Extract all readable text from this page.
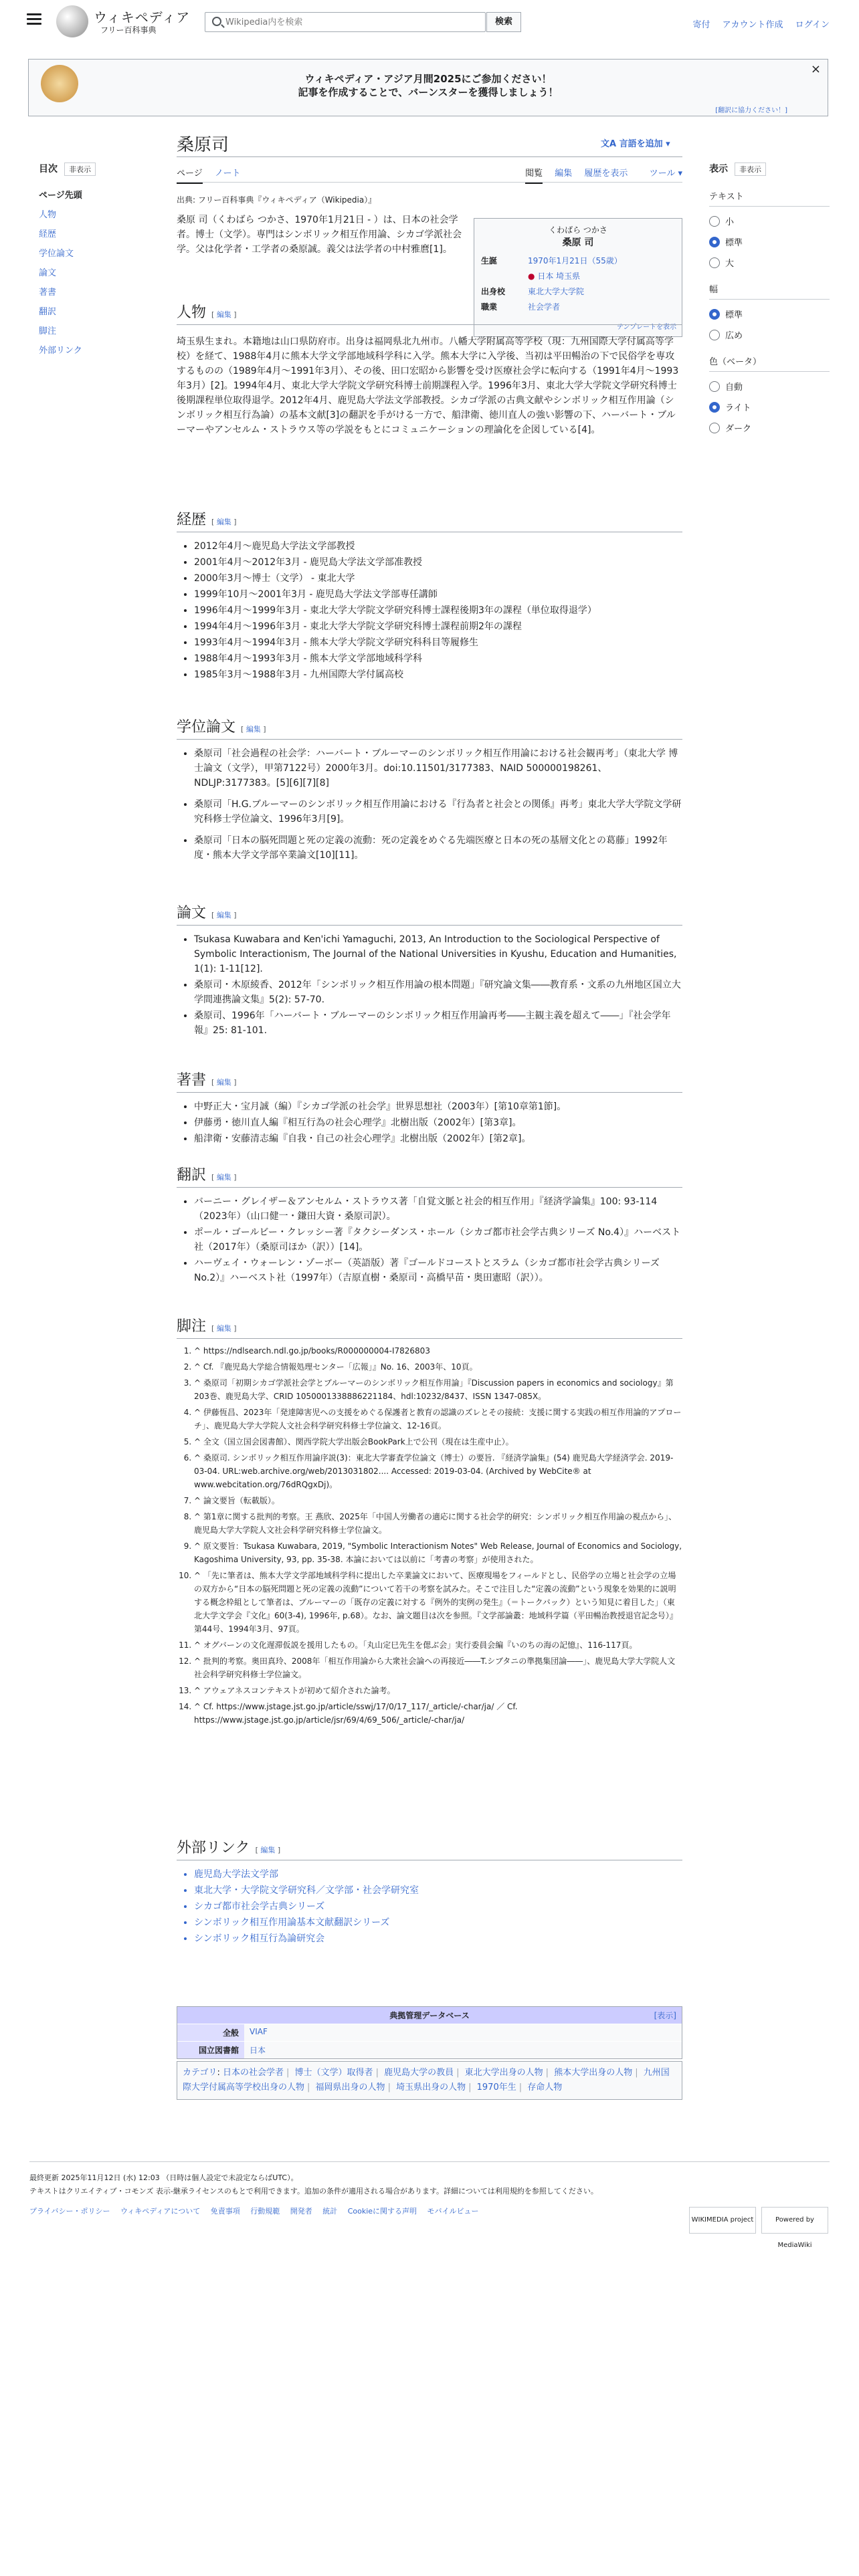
ウィキペディア
フリー百科事典
Wikipedia内を検索
検索	寄付 アカウント作成 ログイン
ウィキペディア・アジア月間2025にご参加ください！
記事を作成することで、バーンスターを獲得しましょう！
×
[翻訳に協力ください！]
目次 非表示
ページ先頭
人物
経歴
学位論文
論文
著書
翻訳
脚注
外部リンク
桑原司	文A 言語を追加 ▾
ページ ノート	閲覧 編集 履歴を表示 ツール ▾
出典: フリー百科事典『ウィキペディア（Wikipedia）』
表示 非表示
テキスト
小
標準
大
幅
標準
広め
色（ベータ）
自動
ライト
ダーク
くわばら つかさ
桑原 司
生誕	1970年1月21日（55歳）
	● 日本 埼玉県
出身校	東北大学大学院
職業	社会学者
テンプレートを表示
桑原 司（くわばら つかさ、1970年1月21日 - ）は、日本の社会学者。博士（文学）。専門はシンボリック相互作用論、シカゴ学派社会学。父は化学者・工学者の桑原誠。義父は法学者の中村雅麿[1]。
人物 [ 編集 ]
埼玉県生まれ。本籍地は山口県防府市。出身は福岡県北九州市。八幡大学附属高等学校（現：九州国際大学付属高等学校）を経て、1988年4月に熊本大学文学部地域科学科に入学。熊本大学に入学後、当初は平田暢治の下で民俗学を専攻するものの（1989年4月〜1991年3月）、その後、田口宏昭から影響を受け医療社会学に転向する（1991年4月〜1993年3月）[2]。1994年4月、東北大学大学院文学研究科博士前期課程入学。1996年3月、東北大学大学院文学研究科博士後期課程単位取得退学。2012年4月、鹿児島大学法文学部教授。シカゴ学派の古典文献やシンボリック相互作用論（シンボリック相互行為論）の基本文献[3]の翻訳を手がける一方で、船津衛、徳川直人の強い影響の下、ハーバート・ブルーマーやアンセルム・ストラウス等の学説をもとにコミュニケーションの理論化を企図している[4]。
経歴 [ 編集 ]
• 2012年4月〜鹿児島大学法文学部教授
• 2001年4月〜2012年3月 - 鹿児島大学法文学部准教授
• 2000年3月〜博士（文学） - 東北大学
• 1999年10月〜2001年3月 - 鹿児島大学法文学部専任講師
• 1996年4月〜1999年3月 - 東北大学大学院文学研究科博士課程後期3年の課程（単位取得退学）
• 1994年4月〜1996年3月 - 東北大学大学院文学研究科博士課程前期2年の課程
• 1993年4月〜1994年3月 - 熊本大学大学院文学研究科科目等履修生
• 1988年4月〜1993年3月 - 熊本大学文学部地域科学科
• 1985年3月〜1988年3月 - 九州国際大学付属高校
学位論文 [ 編集 ]
• 桑原司「社会過程の社会学：ハーバート・ブルーマーのシンボリック相互作用論における社会観再考」（東北大学 博士論文（文学），甲第7122号）2000年3月。doi:10.11501/3177383、NAID 500000198261、NDLJP:3177383。[5][6][7][8]
• 桑原司「H.G.ブルーマーのシンボリック相互作用論における『行為者と社会との関係』再考」東北大学大学院文学研究科修士学位論文、1996年3月[9]。
• 桑原司「日本の脳死問題と死の定義の流動：死の定義をめぐる先端医療と日本の死の基層文化との葛藤」1992年度・熊本大学文学部卒業論文[10][11]。
論文 [ 編集 ]
• Tsukasa Kuwabara and Ken'ichi Yamaguchi, 2013, An Introduction to the Sociological Perspective of Symbolic Interactionism, The Journal of the National Universities in Kyushu, Education and Humanities, 1(1): 1-11[12].
• 桑原司・木原綾香、2012年「シンボリック相互作用論の根本問題」『研究論文集――教育系・文系の九州地区国立大学間連携論文集』5(2): 57-70.
• 桑原司、1996年「ハーバート・ブルーマーのシンボリック相互作用論再考――主観主義を超えて――」『社会学年報』25: 81-101.
著書 [ 編集 ]
• 中野正大・宝月誠（編）『シカゴ学派の社会学』世界思想社（2003年）[第10章第1節]。
• 伊藤勇・徳川直人編『相互行為の社会心理学』北樹出版（2002年）[第3章]。
• 船津衛・安藤清志編『自我・自己の社会心理学』北樹出版（2002年）[第2章]。
翻訳 [ 編集 ]
• バーニー・グレイザー＆アンセルム・ストラウス著「自覚文脈と社会的相互作用」『経済学論集』100: 93-114（2023年）（山口健一・鎌田大資・桑原司訳）。
• ポール・ゴールビー・クレッシー著『タクシーダンス・ホール（シカゴ都市社会学古典シリーズ No.4）』ハーベスト社（2017年）（桑原司ほか（訳））[14]。
• ハーヴェイ・ウォーレン・ゾーボー（英語版）著『ゴールドコーストとスラム（シカゴ都市社会学古典シリーズ No.2）』ハーベスト社（1997年）（吉原直樹・桑原司・高橋早苗・奥田憲昭（訳））。
脚注 [ 編集 ]
1. ^ https://ndlsearch.ndl.go.jp/books/R000000004-I7826803
2. ^ Cf. 『鹿児島大学総合情報処理センター「広報」』No. 16、2003年、10頁。
3. ^ 桑原司「初期シカゴ学派社会学とブルーマーのシンボリック相互作用論」『Discussion papers in economics and sociology』第203巻、鹿児島大学、CRID 1050001338886221184、hdl:10232/8437、ISSN 1347-085X。
4. ^ 伊藤恆昌、2023年「発達障害児への支援をめぐる保護者と教育の認識のズレとその接続：支援に関する実践の相互作用論的アプローチ」、鹿児島大学大学院人文社会科学研究科修士学位論文、12-16頁。
5. ^ 全文（国立国会図書館）、関西学院大学出版会BookPark上で公刊（現在は生産中止）。
6. ^ 桑原司. シンボリック相互作用論序説(3)：東北大学審査学位論文（博士）の要旨. 『経済学論集』(54) 鹿児島大学経済学会. 2019-03-04. URL:web.archive.org/web/2013031802.... Accessed: 2019-03-04. (Archived by WebCite® at www.webcitation.org/76dRQgxDj)。
7. ^ 論文要旨（転載版）。
8. ^ 第1章に関する批判的考察。王 燕欣、2025年「中国人労働者の適応に関する社会学的研究：シンボリック相互作用論の視点から」、鹿児島大学大学院人文社会科学研究科修士学位論文。
9. ^ 原文要旨：Tsukasa Kuwabara, 2019, "Symbolic Interactionism Notes" Web Release, Journal of Economics and Sociology, Kagoshima University, 93, pp. 35-38. 本論においては以前に「考書の考察」が使用された。
10. ^ 「先に筆者は、熊本大学文学部地域科学科に提出した卒業論文において、医療現場をフィールドとし、民俗学の立場と社会学の立場の双方から“日本の脳死問題と死の定義の流動”について若干の考察を試みた。そこで注目した“定義の流動”という現象を効果的に説明する概念枠組として筆者は、ブルーマーの「既存の定義に対する『例外的実例の発生』（＝トークバック）という知見に着目した」（東北大学文学会『文化』60(3-4), 1996年, p.68）。なお、論文題目は次を参照。『文学部論叢：地域科学篇（平田暢治教授退官記念号）』第44号、1994年3月、97頁。
11. ^ オグバーンの文化遅滞仮説を援用したもの。「丸山定巳先生を偲ぶ会」実行委員会編『いのちの海の記憶』、116-117頁。
12. ^ 批判的考察。奥田真玲、2008年「相互作用論から大衆社会論への再接近――T.シブタニの準拠集団論――」、鹿児島大学大学院人文社会科学研究科修士学位論文。
13. ^ アウェアネスコンテキストが初めて紹介された論考。
14. ^ Cf. https://www.jstage.jst.go.jp/article/sswj/17/0/17_117/_article/-char/ja/ ／ Cf. https://www.jstage.jst.go.jp/article/jsr/69/4/69_506/_article/-char/ja/
外部リンク [ 編集 ]
• 鹿児島大学法文学部
• 東北大学・大学院文学研究科／文学部・社会学研究室
• シカゴ都市社会学古典シリーズ
• シンボリック相互作用論基本文献翻訳シリーズ
• シンボリック相互行為論研究会
典拠管理データベース	[表示]
全般	VIAF
国立図書館	日本
カテゴリ: 日本の社会学者 | 博士（文学）取得者 | 鹿児島大学の教員 | 東北大学出身の人物 | 熊本大学出身の人物 | 九州国際大学付属高等学校出身の人物 | 福岡県出身の人物 | 埼玉県出身の人物 | 1970年生 | 存命人物
最終更新 2025年11月12日 (水) 12:03 （日時は個人設定で未設定ならばUTC）。
テキストはクリエイティブ・コモンズ 表示-継承ライセンスのもとで利用できます。追加の条件が適用される場合があります。詳細については利用規約を参照してください。
プライバシー・ポリシー ウィキペディアについて 免責事項 行動規範 開発者 統計 Cookieに関する声明 モバイルビュー
WIKIMEDIA project	Powered by MediaWiki
